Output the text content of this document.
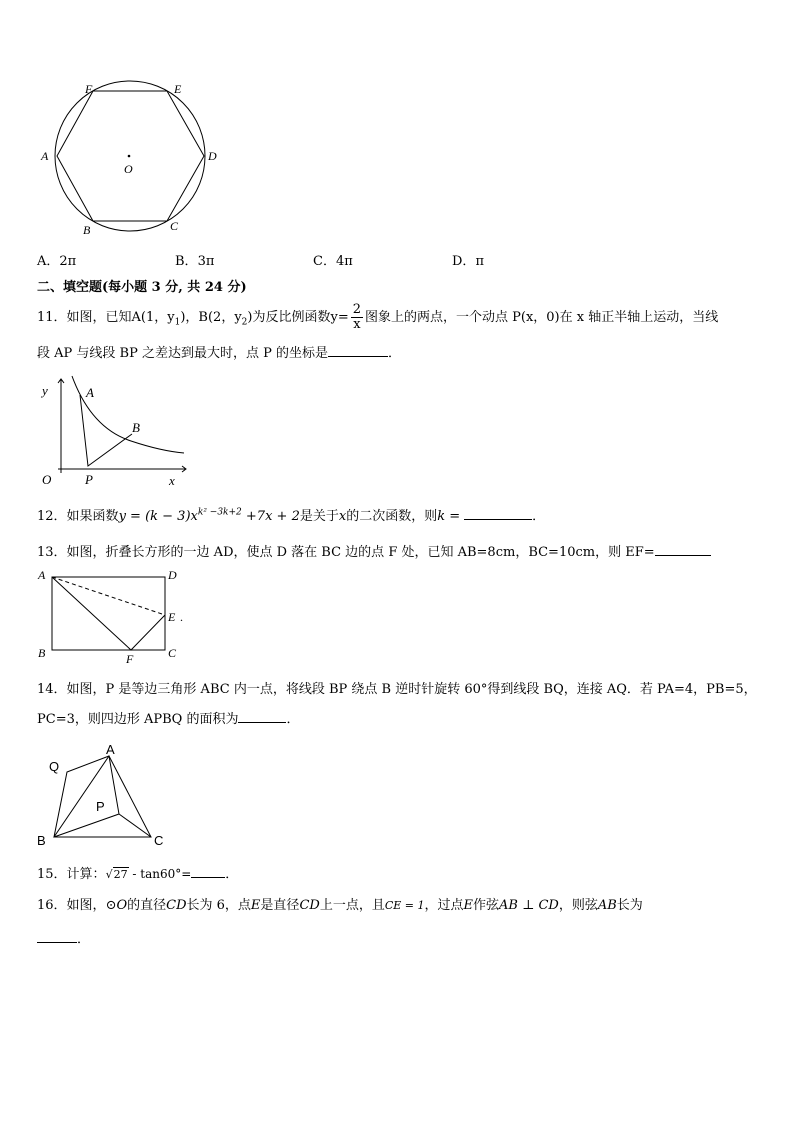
A
B	C
D
E
F
O
A．2π	B．3π	C．4π	D．π
二、填空题(每小题 3 分, 共 24 分)
11．如图，已知A(1，$y_1$)，B(2，$y_2$)为反比例函数$y= \frac{2}{x}$ 图象上的两点，一个动点 P(x，0)在 x 轴正半轴上运动，当线
段 AP 与线段 BP 之差达到最大时，点 P 的坐标是	．
y
x
O
A
B
P
12．如果函数$y = (k - 3)x^{k^2 -3k+2} +7x + 2$是关于x的二次函数，则k =	．
13．如图，折叠长方形的一边 AD，使点 D 落在 BC 边的点 F 处，已知 AB=8cm，BC=10cm，则 EF=
A
B	C
D
E .
F
14．如图，P 是等边三角形 ABC 内一点，将线段 BP 绕点 B 逆时针旋转 60°得到线段 BQ，连接 AQ．若 PA=4，PB=5，
PC=3，则四边形 APBQ 的面积为	．
A
B	C
P
Q
15．计算：√27 - tan60°=	．
16．如图，⊙O的直径CD长为 6，点E是直径CD上一点，且CE = 1，过点E作弦AB ⊥ CD，则弦AB长为
．
